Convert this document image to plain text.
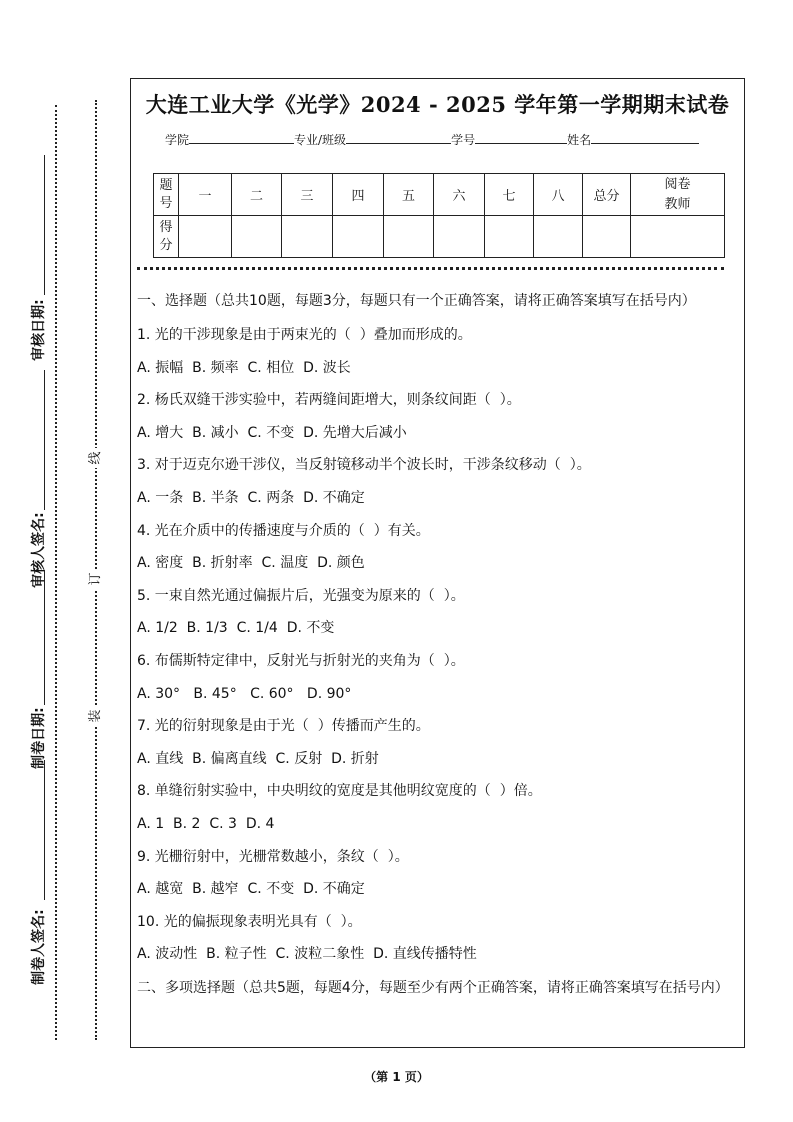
审核日期:
审核人签名:
制卷日期:
制卷人签名:
线
订
装
大连工业大学《光学》2024 - 2025 学年第一学期期末试卷
学院	专业/班级	学号	姓名
题号	一	二	三	四	五	六	七	八	总分	阅卷教师
得分										
一、选择题（总共10题，每题3分，每题只有一个正确答案，请将正确答案填写在括号内）
1. 光的干涉现象是由于两束光的（  ）叠加而形成的。
A. 振幅  B. 频率  C. 相位  D. 波长
2. 杨氏双缝干涉实验中，若两缝间距增大，则条纹间距（  ）。
A. 增大  B. 减小  C. 不变  D. 先增大后减小
3. 对于迈克尔逊干涉仪，当反射镜移动半个波长时，干涉条纹移动（  ）。
A. 一条  B. 半条  C. 两条  D. 不确定
4. 光在介质中的传播速度与介质的（  ）有关。
A. 密度  B. 折射率  C. 温度  D. 颜色
5. 一束自然光通过偏振片后，光强变为原来的（  ）。
A. 1/2  B. 1/3  C. 1/4  D. 不变
6. 布儒斯特定律中，反射光与折射光的夹角为（  ）。
A. 30°   B. 45°   C. 60°   D. 90°
7. 光的衍射现象是由于光（  ）传播而产生的。
A. 直线  B. 偏离直线  C. 反射  D. 折射
8. 单缝衍射实验中，中央明纹的宽度是其他明纹宽度的（  ）倍。
A. 1  B. 2  C. 3  D. 4
9. 光栅衍射中，光栅常数越小，条纹（  ）。
A. 越宽  B. 越窄  C. 不变  D. 不确定
10. 光的偏振现象表明光具有（  ）。
A. 波动性  B. 粒子性  C. 波粒二象性  D. 直线传播特性
二、多项选择题（总共5题，每题4分，每题至少有两个正确答案，请将正确答案填写在括号内）
（第 1 页）
